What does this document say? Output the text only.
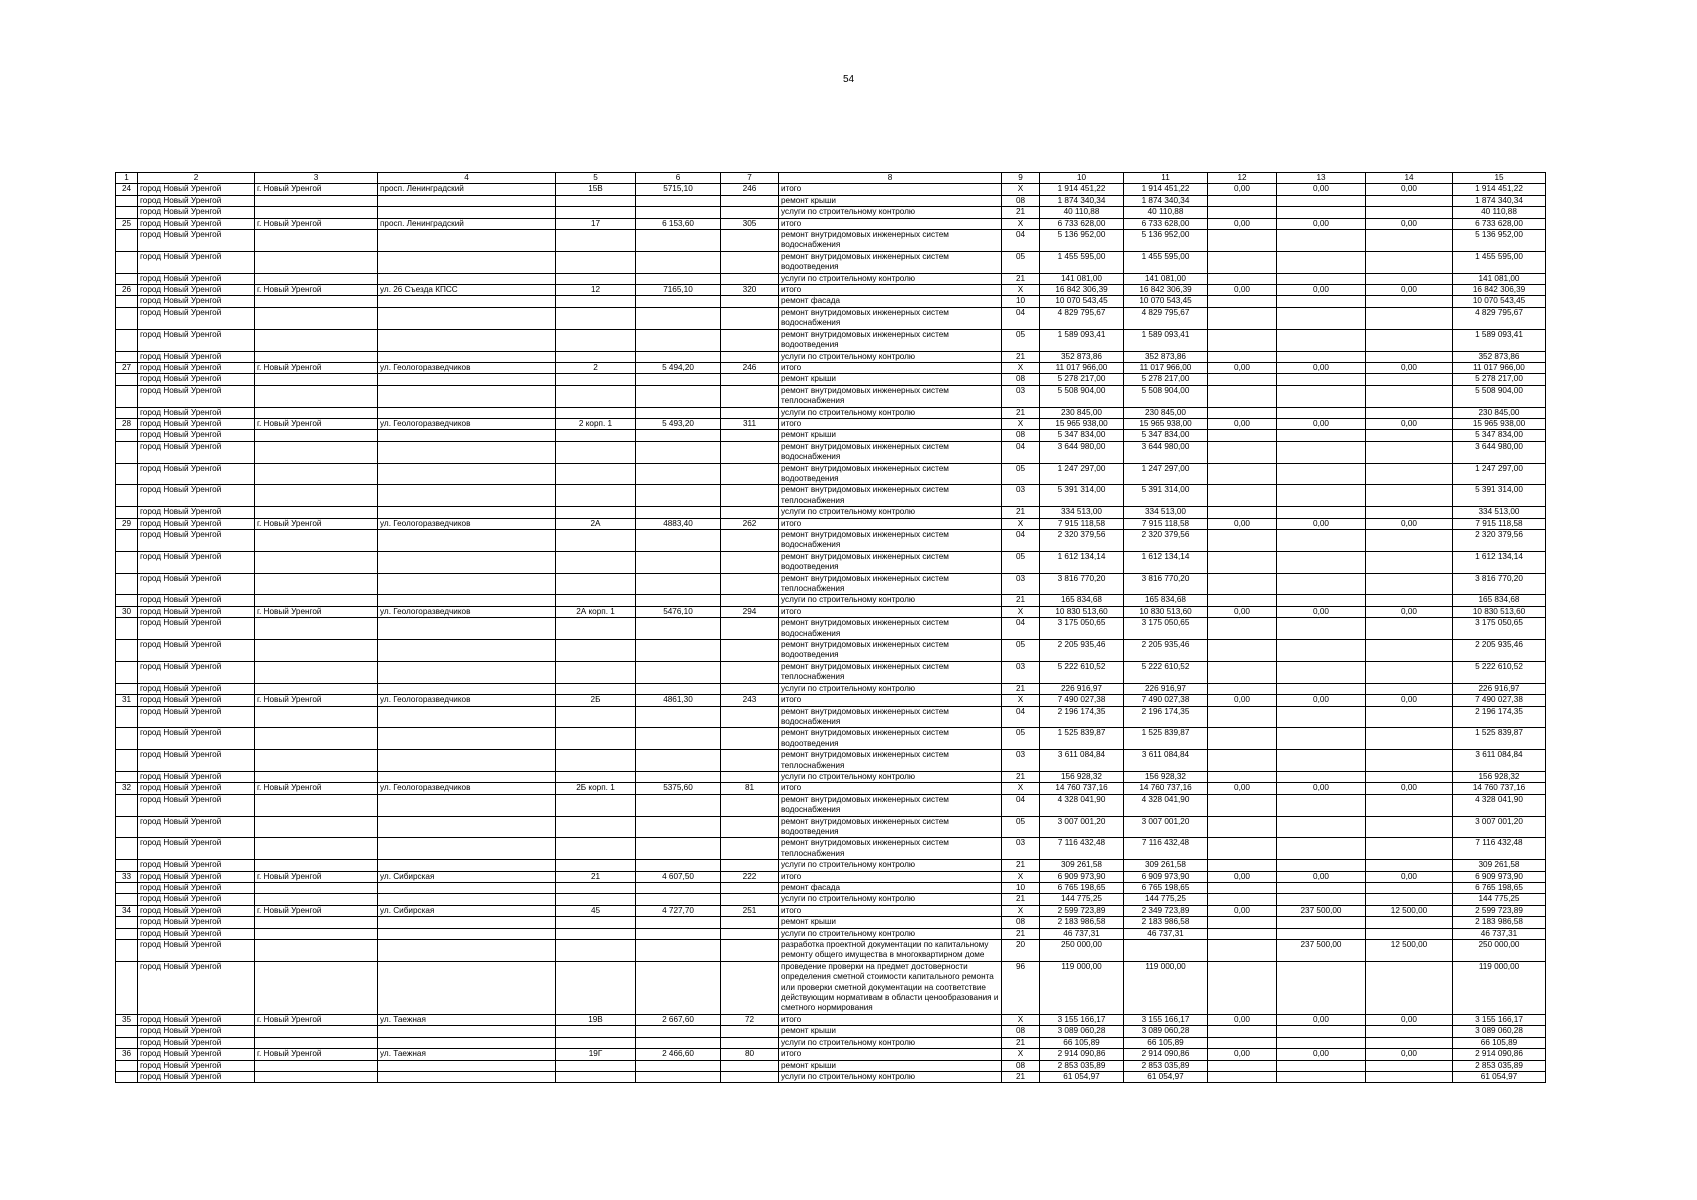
54
1	2	3	4	5	6	7	8	9	10	11	12	13	14	15
24	город Новый Уренгой	г. Новый Уренгой	просп. Ленинградский	15В	5715,10	246	итого	X	1 914 451,22	1 914 451,22	0,00	0,00	0,00	1 914 451,22
	город Новый Уренгой						ремонт крыши	08	1 874 340,34	1 874 340,34				1 874 340,34
	город Новый Уренгой						услуги по строительному контролю	21	40 110,88	40 110,88				40 110,88
25	город Новый Уренгой	г. Новый Уренгой	просп. Ленинградский	17	6 153,60	305	итого	X	6 733 628,00	6 733 628,00	0,00	0,00	0,00	6 733 628,00
	город Новый Уренгой						ремонт внутридомовых инженерных систем водоснабжения	04	5 136 952,00	5 136 952,00				5 136 952,00
	город Новый Уренгой						ремонт внутридомовых инженерных систем водоотведения	05	1 455 595,00	1 455 595,00				1 455 595,00
	город Новый Уренгой						услуги по строительному контролю	21	141 081,00	141 081,00				141 081,00
26	город Новый Уренгой	г. Новый Уренгой	ул. 26 Съезда КПСС	12	7165,10	320	итого	X	16 842 306,39	16 842 306,39	0,00	0,00	0,00	16 842 306,39
	город Новый Уренгой						ремонт фасада	10	10 070 543,45	10 070 543,45				10 070 543,45
	город Новый Уренгой						ремонт внутридомовых инженерных систем водоснабжения	04	4 829 795,67	4 829 795,67				4 829 795,67
	город Новый Уренгой						ремонт внутридомовых инженерных систем водоотведения	05	1 589 093,41	1 589 093,41				1 589 093,41
	город Новый Уренгой						услуги по строительному контролю	21	352 873,86	352 873,86				352 873,86
27	город Новый Уренгой	г. Новый Уренгой	ул. Геологоразведчиков	2	5 494,20	246	итого	X	11 017 966,00	11 017 966,00	0,00	0,00	0,00	11 017 966,00
	город Новый Уренгой						ремонт крыши	08	5 278 217,00	5 278 217,00				5 278 217,00
	город Новый Уренгой						ремонт внутридомовых инженерных систем теплоснабжения	03	5 508 904,00	5 508 904,00				5 508 904,00
	город Новый Уренгой						услуги по строительному контролю	21	230 845,00	230 845,00				230 845,00
28	город Новый Уренгой	г. Новый Уренгой	ул. Геологоразведчиков	2 корп. 1	5 493,20	311	итого	X	15 965 938,00	15 965 938,00	0,00	0,00	0,00	15 965 938,00
	город Новый Уренгой						ремонт крыши	08	5 347 834,00	5 347 834,00				5 347 834,00
	город Новый Уренгой						ремонт внутридомовых инженерных систем водоснабжения	04	3 644 980,00	3 644 980,00				3 644 980,00
	город Новый Уренгой						ремонт внутридомовых инженерных систем водоотведения	05	1 247 297,00	1 247 297,00				1 247 297,00
	город Новый Уренгой						ремонт внутридомовых инженерных систем теплоснабжения	03	5 391 314,00	5 391 314,00				5 391 314,00
	город Новый Уренгой						услуги по строительному контролю	21	334 513,00	334 513,00				334 513,00
29	город Новый Уренгой	г. Новый Уренгой	ул. Геологоразведчиков	2А	4883,40	262	итого	X	7 915 118,58	7 915 118,58	0,00	0,00	0,00	7 915 118,58
	город Новый Уренгой						ремонт внутридомовых инженерных систем водоснабжения	04	2 320 379,56	2 320 379,56				2 320 379,56
	город Новый Уренгой						ремонт внутридомовых инженерных систем водоотведения	05	1 612 134,14	1 612 134,14				1 612 134,14
	город Новый Уренгой						ремонт внутридомовых инженерных систем теплоснабжения	03	3 816 770,20	3 816 770,20				3 816 770,20
	город Новый Уренгой						услуги по строительному контролю	21	165 834,68	165 834,68				165 834,68
30	город Новый Уренгой	г. Новый Уренгой	ул. Геологоразведчиков	2А корп. 1	5476,10	294	итого	X	10 830 513,60	10 830 513,60	0,00	0,00	0,00	10 830 513,60
	город Новый Уренгой						ремонт внутридомовых инженерных систем водоснабжения	04	3 175 050,65	3 175 050,65				3 175 050,65
	город Новый Уренгой						ремонт внутридомовых инженерных систем водоотведения	05	2 205 935,46	2 205 935,46				2 205 935,46
	город Новый Уренгой						ремонт внутридомовых инженерных систем теплоснабжения	03	5 222 610,52	5 222 610,52				5 222 610,52
	город Новый Уренгой						услуги по строительному контролю	21	226 916,97	226 916,97				226 916,97
31	город Новый Уренгой	г. Новый Уренгой	ул. Геологоразведчиков	2Б	4861,30	243	итого	X	7 490 027,38	7 490 027,38	0,00	0,00	0,00	7 490 027,38
	город Новый Уренгой						ремонт внутридомовых инженерных систем водоснабжения	04	2 196 174,35	2 196 174,35				2 196 174,35
	город Новый Уренгой						ремонт внутридомовых инженерных систем водоотведения	05	1 525 839,87	1 525 839,87				1 525 839,87
	город Новый Уренгой						ремонт внутридомовых инженерных систем теплоснабжения	03	3 611 084,84	3 611 084,84				3 611 084,84
	город Новый Уренгой						услуги по строительному контролю	21	156 928,32	156 928,32				156 928,32
32	город Новый Уренгой	г. Новый Уренгой	ул. Геологоразведчиков	2Б корп. 1	5375,60	81	итого	X	14 760 737,16	14 760 737,16	0,00	0,00	0,00	14 760 737,16
	город Новый Уренгой						ремонт внутридомовых инженерных систем водоснабжения	04	4 328 041,90	4 328 041,90				4 328 041,90
	город Новый Уренгой						ремонт внутридомовых инженерных систем водоотведения	05	3 007 001,20	3 007 001,20				3 007 001,20
	город Новый Уренгой						ремонт внутридомовых инженерных систем теплоснабжения	03	7 116 432,48	7 116 432,48				7 116 432,48
	город Новый Уренгой						услуги по строительному контролю	21	309 261,58	309 261,58				309 261,58
33	город Новый Уренгой	г. Новый Уренгой	ул. Сибирская	21	4 607,50	222	итого	X	6 909 973,90	6 909 973,90	0,00	0,00	0,00	6 909 973,90
	город Новый Уренгой						ремонт фасада	10	6 765 198,65	6 765 198,65				6 765 198,65
	город Новый Уренгой						услуги по строительному контролю	21	144 775,25	144 775,25				144 775,25
34	город Новый Уренгой	г. Новый Уренгой	ул. Сибирская	45	4 727,70	251	итого	X	2 599 723,89	2 349 723,89	0,00	237 500,00	12 500,00	2 599 723,89
	город Новый Уренгой						ремонт крыши	08	2 183 986,58	2 183 986,58				2 183 986,58
	город Новый Уренгой						услуги по строительному контролю	21	46 737,31	46 737,31				46 737,31
	город Новый Уренгой						разработка проектной документации по капитальному ремонту общего имущества в многоквартирном доме	20	250 000,00			237 500,00	12 500,00	250 000,00
	город Новый Уренгой						проведение проверки на предмет достоверности определения сметной стоимости капитального ремонта или проверки сметной документации на соответствие действующим нормативам в области ценообразования и сметного нормирования	96	119 000,00	119 000,00				119 000,00
35	город Новый Уренгой	г. Новый Уренгой	ул. Таежная	19В	2 667,60	72	итого	X	3 155 166,17	3 155 166,17	0,00	0,00	0,00	3 155 166,17
	город Новый Уренгой						ремонт крыши	08	3 089 060,28	3 089 060,28				3 089 060,28
	город Новый Уренгой						услуги по строительному контролю	21	66 105,89	66 105,89				66 105,89
36	город Новый Уренгой	г. Новый Уренгой	ул. Таежная	19Г	2 466,60	80	итого	X	2 914 090,86	2 914 090,86	0,00	0,00	0,00	2 914 090,86
	город Новый Уренгой						ремонт крыши	08	2 853 035,89	2 853 035,89				2 853 035,89
	город Новый Уренгой						услуги по строительному контролю	21	61 054,97	61 054,97				61 054,97
